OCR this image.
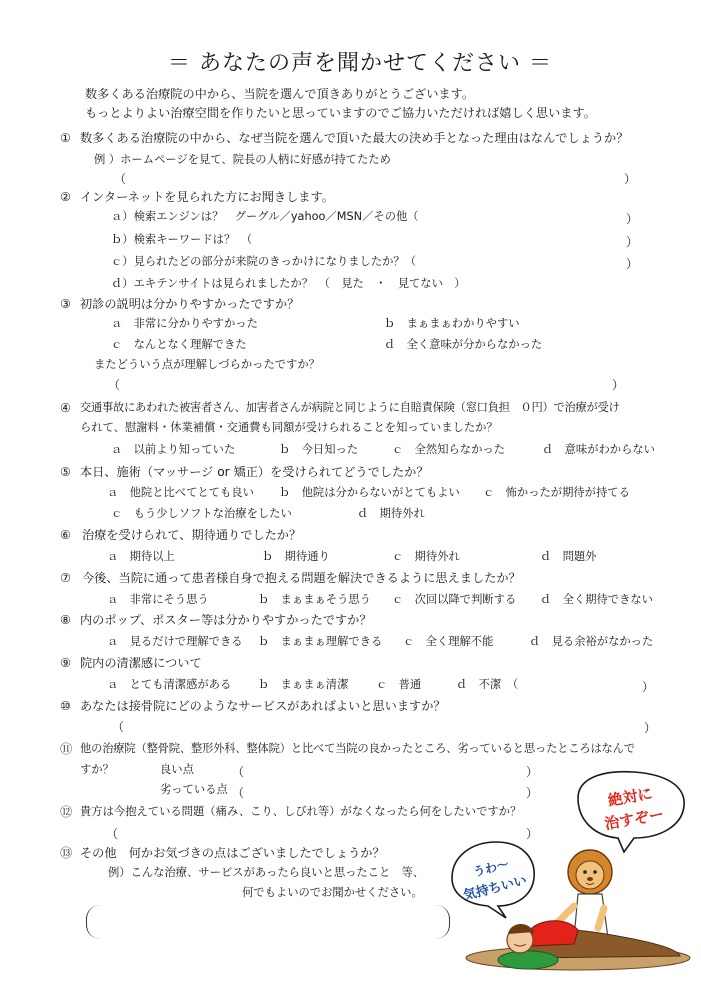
＝ あなたの声を聞かせてください ＝
数多くある治療院の中から、当院を選んで頂きありがとうございます。
もっとよりよい治療空間を作りたいと思っていますのでご協力いただければ嬉しく思います。
① 数多くある治療院の中から、なぜ当院を選んで頂いた最大の決め手となった理由はなんでしょうか？
例 ）ホームページを見て、院長の人柄に好感が持てたため
（	）
② インターネットを見られた方にお聞きします。
ａ）検索エンジンは？　グーグル／yahoo／MSN／その他（	）
ｂ）検索キーワードは？　（	）
ｃ）見られたどの部分が来院のきっかけになりましたか？（	）
ｄ）エキテンサイトは見られましたか？　（　見た　・　見てない　）
③ 初診の説明は分かりやすかったですか？
ａ　非常に分かりやすかった	ｂ　まぁまぁわかりやすい
ｃ　なんとなく理解できた	ｄ　全く意味が分からなかった
またどういう点が理解しづらかったですか？
（	）
④ 交通事故にあわれた被害者さん、加害者さんが病院と同じように自賠責保険（窓口負担　０円）で治療が受け
られて、慰謝料・休業補償・交通費も同額が受けられることを知っていましたか？
ａ　以前より知っていた	ｂ　今日知った	ｃ　全然知らなかった	ｄ　意味がわからない
⑤ 本日、施術（マッサージ or 矯正）を受けられてどうでしたか？
ａ　他院と比べてとても良い ｂ　他院は分からないがとてもよい ｃ　怖かったが期待が持てる
ｃ　もう少しソフトな治療をしたい	ｄ　期待外れ
⑥ 治療を受けられて、期待通りでしたか？
ａ　期待以上	ｂ　期待通り	ｃ　期待外れ	ｄ　問題外
⑦ 今後、当院に通って患者様自身で抱える問題を解決できるように思えましたか？
ａ　非常にそう思う	ｂ　まぁまぁそう思う ｃ　次回以降で判断する ｄ　全く期待できない
⑧ 内のポップ、ポスター等は分かりやすかったですか？
ａ　見るだけで理解できる ｂ　まぁまぁ理解できる ｃ　全く理解不能	ｄ　見る余裕がなかった
⑨ 院内の清潔感について
ａ　とても清潔感がある ｂ　まぁまぁ清潔 ｃ　普通	ｄ　不潔　（	）
⑩ あなたは接骨院にどのようなサービスがあればよいと思いますか？
（	）
⑪ 他の治療院（整骨院、整形外科、整体院）と比べて当院の良かったところ、劣っていると思ったところはなんで
すか？	良い点	（	）
劣っている点 （	）
⑫ 貴方は今抱えている問題（痛み、こり、しびれ等）がなくなったら何をしたいですか？
（	）
⑬ その他　何かお気づきの点はございましたでしょうか？
例）こんな治療、サービスがあったら良いと思ったこと　等、
何でもよいのでお聞かせください。
絶対に
治すぞー
うわ～
気持ちいい
